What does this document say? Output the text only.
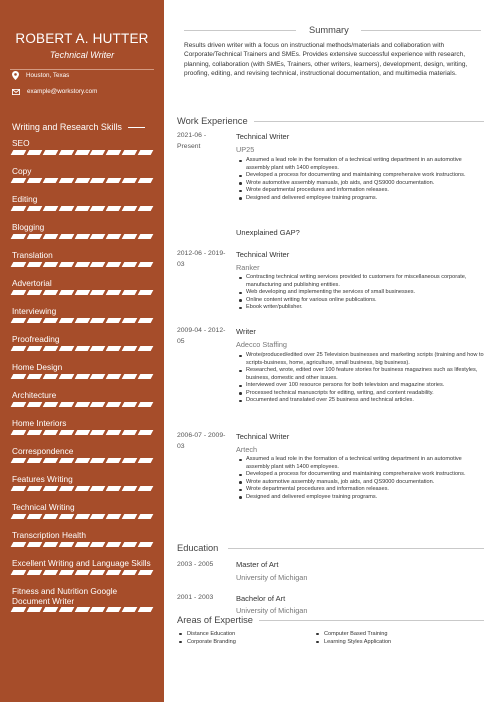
ROBERT A. HUTTER
Technical Writer
Houston, Texas
example@workstory.com
Writing and Research Skills
SEO
Copy
Editing
Blogging
Translation
Advertorial
Interviewing
Proofreading
Home Design
Architecture
Home Interiors
Correspondence
Features Writing
Technical Writing
Transcription Health
Excellent Writing and Language Skills
Fitness and Nutrition Google Document Writer
Summary
Results driven writer with a focus on instructional methods/materials and collaboration with Corporate/Technical Trainers and SMEs. Provides extensive successful experience with research, planning, collaboration (with SMEs, Trainers, other writers, learners), development, design, writing, proofing, editing, and revising technical, instructional documentation, and multimedia materials.
Work Experience
2021-06 - Present
Technical Writer
UP25
Assumed a lead role in the formation of a technical writing department in an automotive assembly plant with 1400 employees.
Developed a process for documenting and maintaining comprehensive work instructions.
Wrote automotive assembly manuals, job aids, and QS9000 documentation.
Wrote departmental procedures and information releases.
Designed and delivered employee training programs.
Unexplained GAP?
2012-06 - 2019-03
Technical Writer
Ranker
Contracting technical writing services provided to customers for miscellaneous corporate, manufacturing and publishing entities.
Web developing and implementing the services of small businesses.
Online content writing for various online publications.
Ebook writer/publisher.
2009-04 - 2012-05
Writer
Adecco Staffing
Wrote/produced/edited over 25 Television businesses and marketing scripts (training and how to scripts-business, home, agriculture, small business, big business).
Researched, wrote, edited over 100 feature stories for business magazines such as lifestyles, business, domestic and other issues.
Interviewed over 100 resource persons for both television and magazine stories.
Processed technical manuscripts for editing, writing, and content readability.
Documented and translated over 25 business and technical articles.
2006-07 - 2009-03
Technical Writer
Artech
Assumed a lead role in the formation of a technical writing department in an automotive assembly plant with 1400 employees.
Developed a process for documenting and maintaining comprehensive work instructions.
Wrote automotive assembly manuals, job aids, and QS9000 documentation.
Wrote departmental procedures and information releases.
Designed and delivered employee training programs.
Education
2003 - 2005	Master of Art
University of Michigan
2001 - 2003	Bachelor of Art
University of Michigan
Areas of Expertise
Distance Education
Corporate Branding
Computer Based Training
Learning Styles Application
